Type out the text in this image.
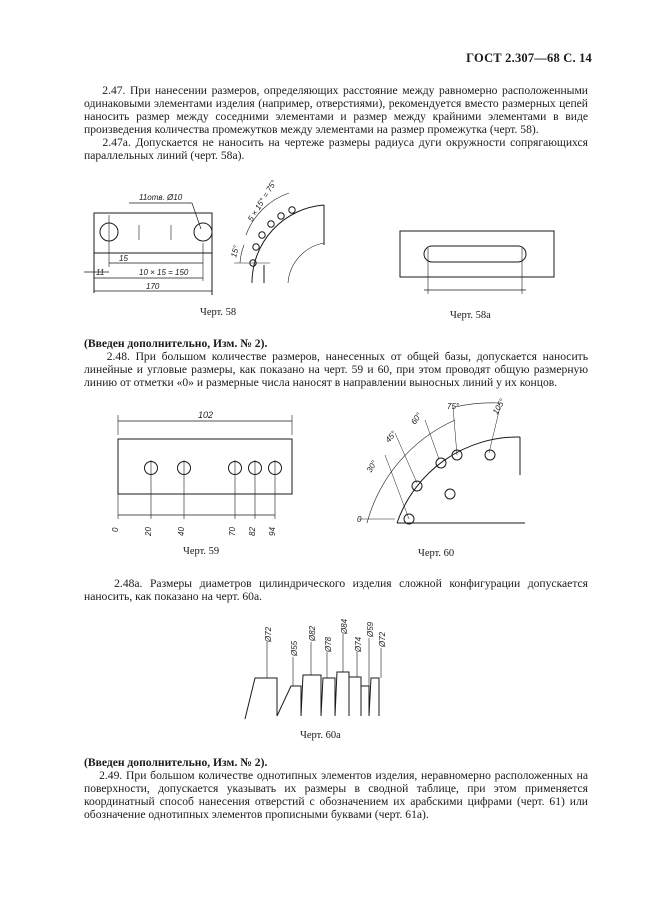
ГОСТ 2.307—68 С. 14

2.47. При нанесении размеров, определяющих расстояние между равномерно расположенными одинаковыми элементами изделия (например, отверстиями), рекомендуется вместо размерных цепей наносить размер между соседними элементами и размер между крайними элементами в виде произведения количества промежутков между элементами на размер промежутка (черт. 58).

2.47а. Допускается не наносить на чертеже размеры радиуса дуги окружности сопрягающихся параллельных линий (черт. 58а).

11отв. Ø10
15
10 × 15 = 150
11
170
15°
5 × 15° = 75°
Черт. 58	Черт. 58а

(Введен дополнительно, Изм. № 2).

2.48. При большом количестве размеров, нанесенных от общей базы, допускается наносить линейные и угловые размеры, как показано на черт. 59 и 60, при этом проводят общую размерную линию от отметки «0» и размерные числа наносят в направлении выносных линий у их концов.

102
0	20	40	70 82 94
0
30°
45°
60°
75°	105°
Черт. 59	Черт. 60

2.48а. Размеры диаметров цилиндрического изделия сложной конфигурации допускается наносить, как показано на черт. 60а.

Ø72
Ø55
Ø82
Ø78
Ø84
Ø74
Ø59
Ø72
Черт. 60а

(Введен дополнительно, Изм. № 2).

2.49. При большом количестве однотипных элементов изделия, неравномерно расположенных на поверхности, допускается указывать их размеры в сводной таблице, при этом применяется координатный способ нанесения отверстий с обозначением их арабскими цифрами (черт. 61) или обозначение однотипных элементов прописными буквами (черт. 61а).
